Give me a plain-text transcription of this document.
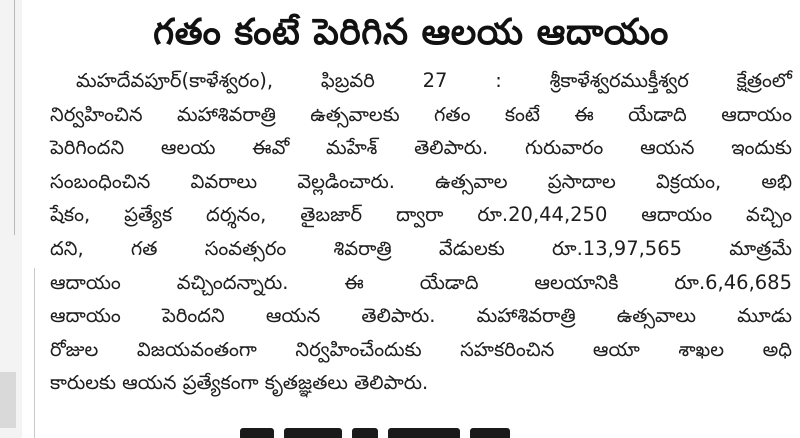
గతం కంటే పెరిగిన ఆలయ ఆదాయం
మహదేవపూర్(కాళేశ్వరం), ఫిబ్రవరి 27 : శ్రీకాళేశ్వరముక్తీశ్వర క్షేత్రంలో
నిర్వహించిన మహాశివరాత్రి ఉత్సవాలకు గతం కంటే ఈ యేడాది ఆదాయం
పెరిగిందని ఆలయ ఈవో మహేశ్ తెలిపారు. గురువారం ఆయన ఇందుకు
సంబంధించిన వివరాలు వెల్లడించారు. ఉత్సవాల ప్రసాదాల విక్రయం, అభి
షేకం, ప్రత్యేక దర్శనం, తైబజార్ ద్వారా రూ.20,44,250 ఆదాయం వచ్చిం
దని, గత సంవత్సరం శివరాత్రి వేడులకు రూ.13,97,565 మాత్రమే
ఆదాయం వచ్చిందన్నారు. ఈ యేడాది ఆలయానికి రూ.6,46,685
ఆదాయం పెరిందని ఆయన తెలిపారు. మహాశివరాత్రి ఉత్సవాలు మూడు
రోజుల విజయవంతంగా నిర్వహించేందుకు సహకరించిన ఆయా శాఖల అధి
కారులకు ఆయన ప్రత్యేకంగా కృతజ్ఞతలు తెలిపారు.
